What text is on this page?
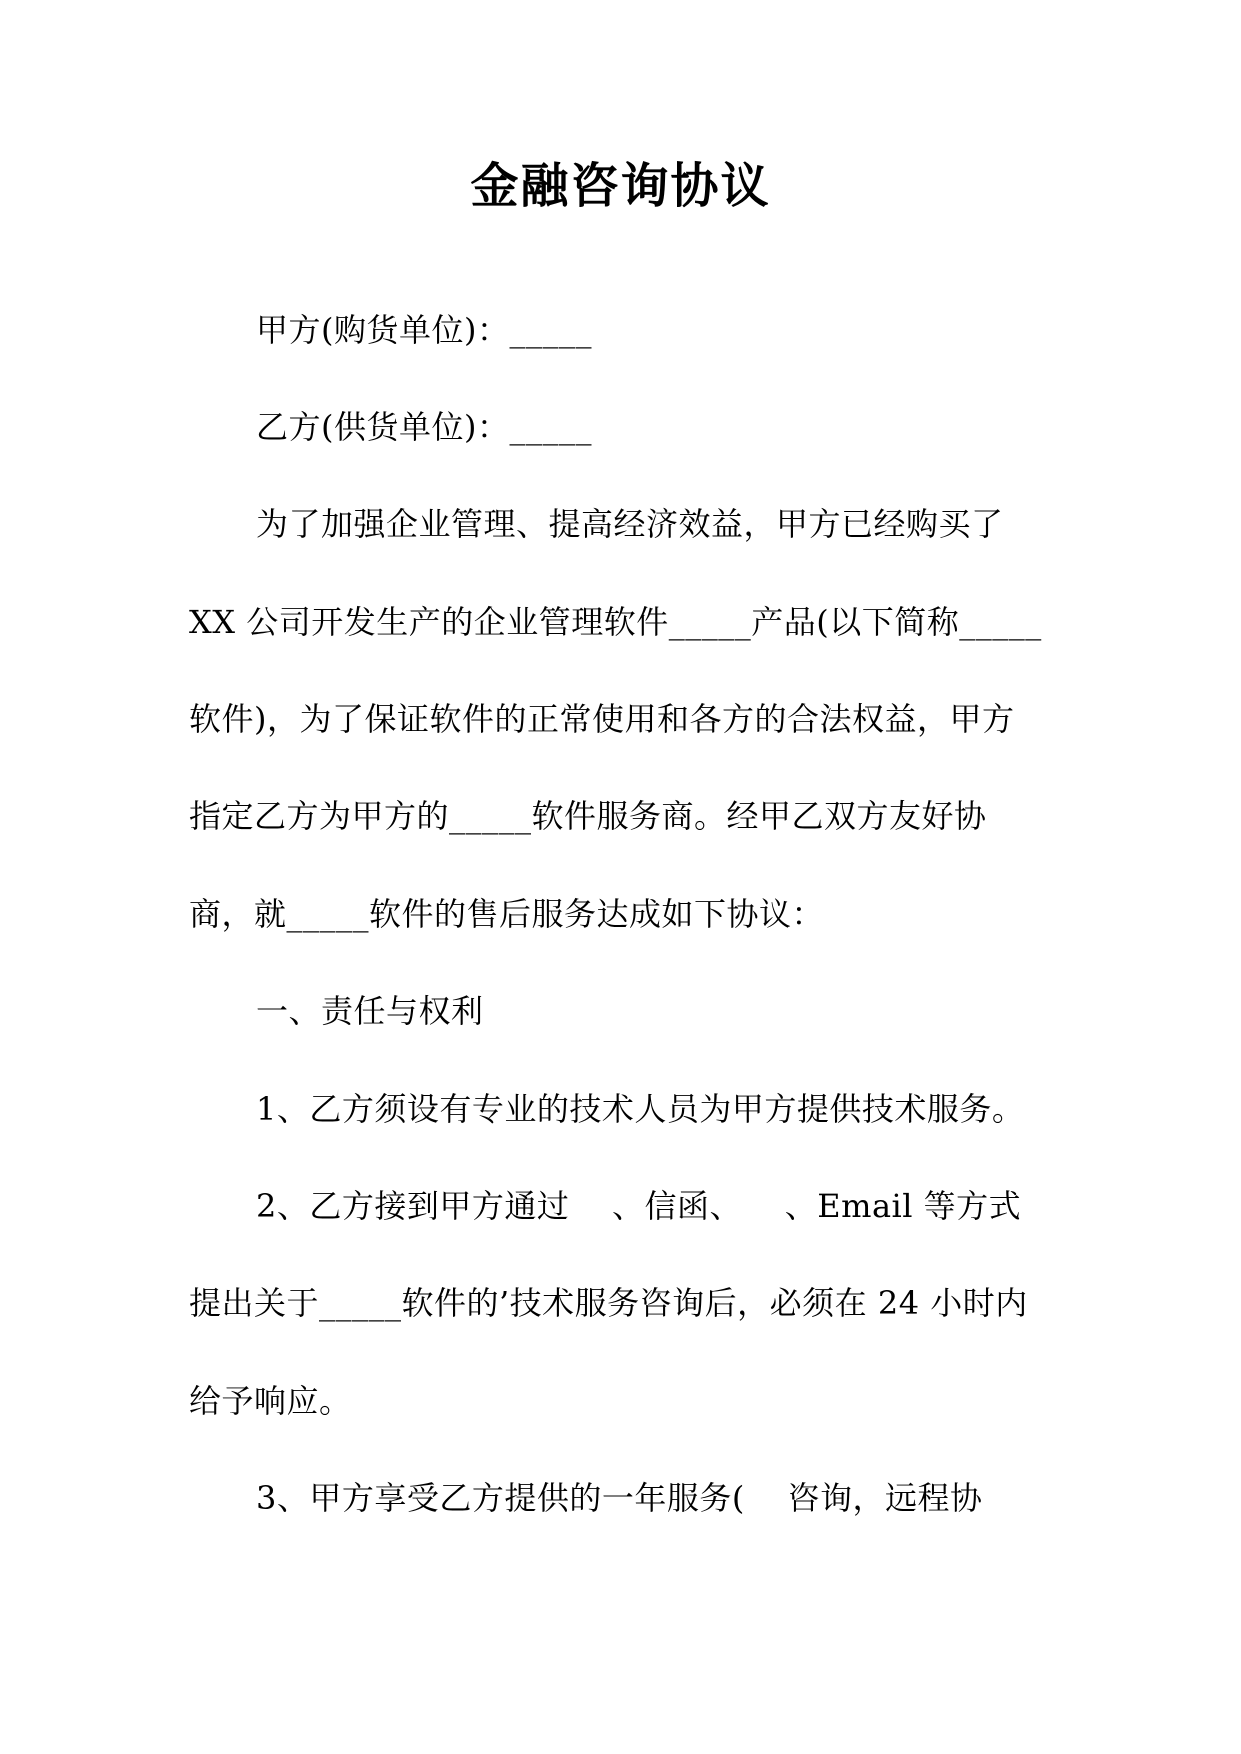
金融咨询协议
甲方(购货单位)：_____
乙方(供货单位)：_____
为了加强企业管理、提高经济效益，甲方已经购买了
XX 公司开发生产的企业管理软件_____产品(以下简称_____
软件)，为了保证软件的正常使用和各方的合法权益，甲方
指定乙方为甲方的_____软件服务商。经甲乙双方友好协
商，就_____软件的售后服务达成如下协议：
一、责任与权利
1、乙方须设有专业的技术人员为甲方提供技术服务。
2、乙方接到甲方通过    、信函、    、Email 等方式
提出关于_____软件的’技术服务咨询后，必须在 24 小时内
给予响应。
3、甲方享受乙方提供的一年服务(    咨询，远程协
